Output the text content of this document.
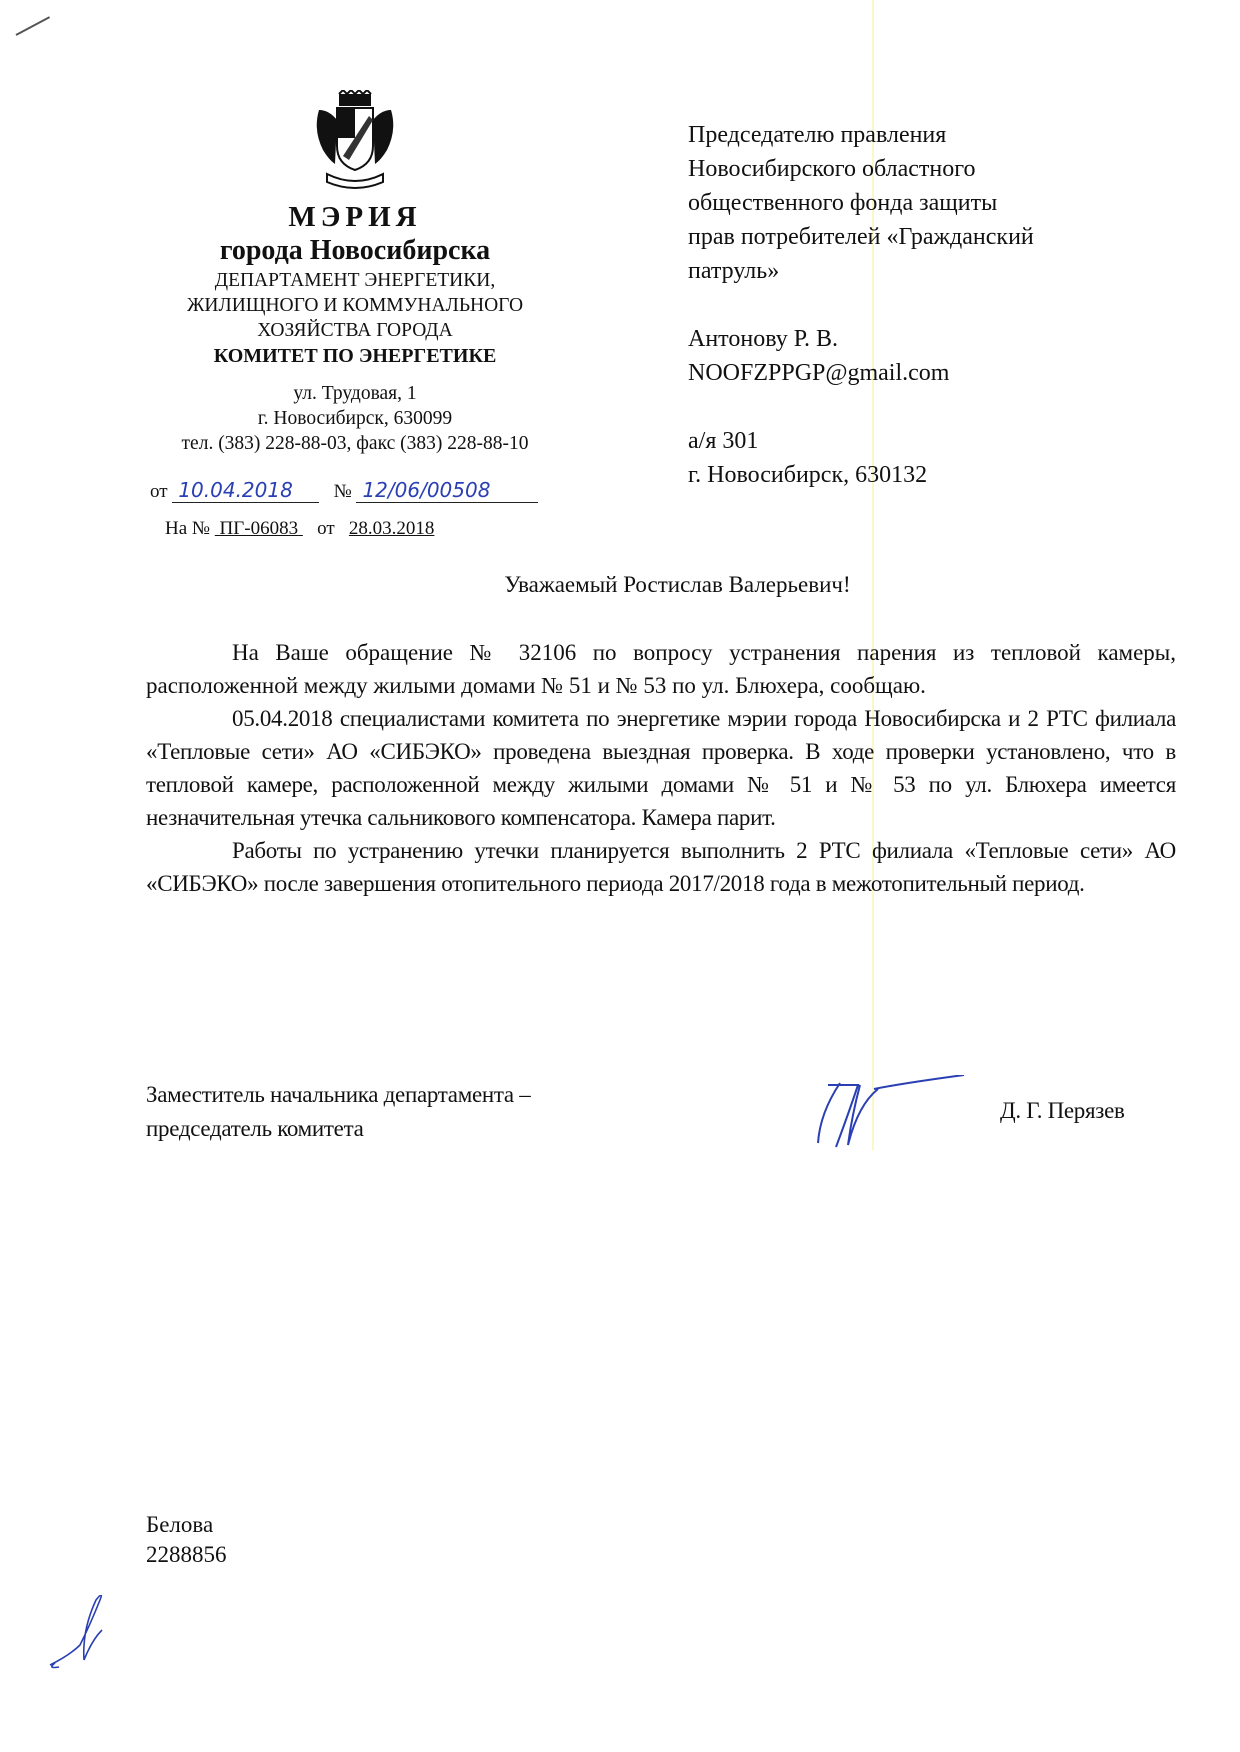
МЭРИЯ
города Новосибирска
ДЕПАРТАМЕНТ ЭНЕРГЕТИКИ,
ЖИЛИЩНОГО И КОММУНАЛЬНОГО
ХОЗЯЙСТВА ГОРОДА
КОМИТЕТ ПО ЭНЕРГЕТИКЕ
ул. Трудовая, 1
г. Новосибирск, 630099
тел. (383) 228-88-03, факс (383) 228-88-10
от
10.04.2018
	№
12/06/00508
На № ПГ-06083 от 28.03.2018
Председателю правления
Новосибирского областного
общественного фонда защиты
прав потребителей «Гражданский
патруль»
Антонову Р. В.
NOOFZPPGP@gmail.com
а/я 301
г. Новосибирск, 630132
Уважаемый Ростислав Валерьевич!

На Ваше обращение № 32106 по вопросу устранения парения из тепловой камеры, расположенной между жилыми домами № 51 и № 53 по ул. Блюхера, сообщаю.

05.04.2018 специалистами комитета по энергетике мэрии города Новосибирска и 2 РТС филиала «Тепловые сети» АО «СИБЭКО» проведена выездная проверка. В ходе проверки установлено, что в тепловой камере, расположенной между жилыми домами № 51 и № 53 по ул. Блюхера имеется незначительная утечка сальникового компенсатора. Камера парит.

Работы по устранению утечки планируется выполнить 2 РТС филиала «Тепловые сети» АО «СИБЭКО» после завершения отопительного периода 2017/2018 года в межотопительный период.

Заместитель начальника департамента –
председатель комитета
Д. Г. Перязев
Белова
2288856
